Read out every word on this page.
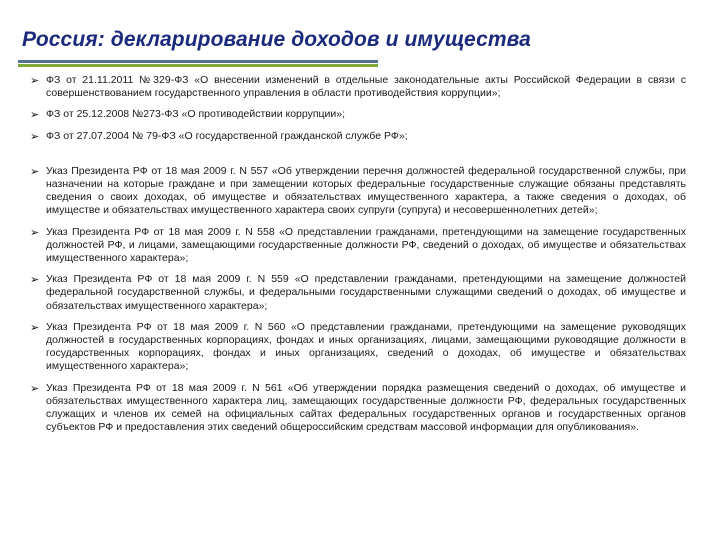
Россия: декларирование доходов и имущества
➢ ФЗ от 21.11.2011 №329-ФЗ «О внесении изменений в отдельные законодательные акты Российской Федерации в связи с совершенствованием государственного управления в области противодействия коррупции»;
➢ ФЗ от 25.12.2008 №273-ФЗ «О противодействии коррупции»;
➢ ФЗ от 27.07.2004 № 79-ФЗ «О государственной гражданской службе РФ»;
➢ Указ Президента РФ от 18 мая 2009 г. N 557 «Об утверждении перечня должностей федеральной государственной службы, при назначении на которые граждане и при замещении которых федеральные государственные служащие обязаны представлять сведения о своих доходах, об имуществе и обязательствах имущественного характера, а также сведения о доходах, об имуществе и обязательствах имущественного характера своих супруги (супруга) и несовершеннолетних детей»;
➢ Указ Президента РФ от 18 мая 2009 г. N 558 «О представлении гражданами, претендующими на замещение государственных должностей РФ, и лицами, замещающими государственные должности РФ, сведений о доходах, об имуществе и обязательствах имущественного характера»;
➢ Указ Президента РФ от 18 мая 2009 г. N 559 «О представлении гражданами, претендующими на замещение должностей федеральной государственной службы, и федеральными государственными служащими сведений о доходах, об имуществе и обязательствах имущественного характера»;
➢ Указ Президента РФ от 18 мая 2009 г. N 560 «О представлении гражданами, претендующими на замещение руководящих должностей в государственных корпорациях, фондах и иных организациях, лицами, замещающими руководящие должности в государственных корпорациях, фондах и иных организациях, сведений о доходах, об имуществе и обязательствах имущественного характера»;
➢ Указ Президента РФ от 18 мая 2009 г. N 561 «Об утверждении порядка размещения сведений о доходах, об имуществе и обязательствах имущественного характера лиц, замещающих государственные должности РФ, федеральных государственных служащих и членов их семей на официальных сайтах федеральных государственных органов и государственных органов субъектов РФ и предоставления этих сведений общероссийским средствам массовой информации для опубликования».
